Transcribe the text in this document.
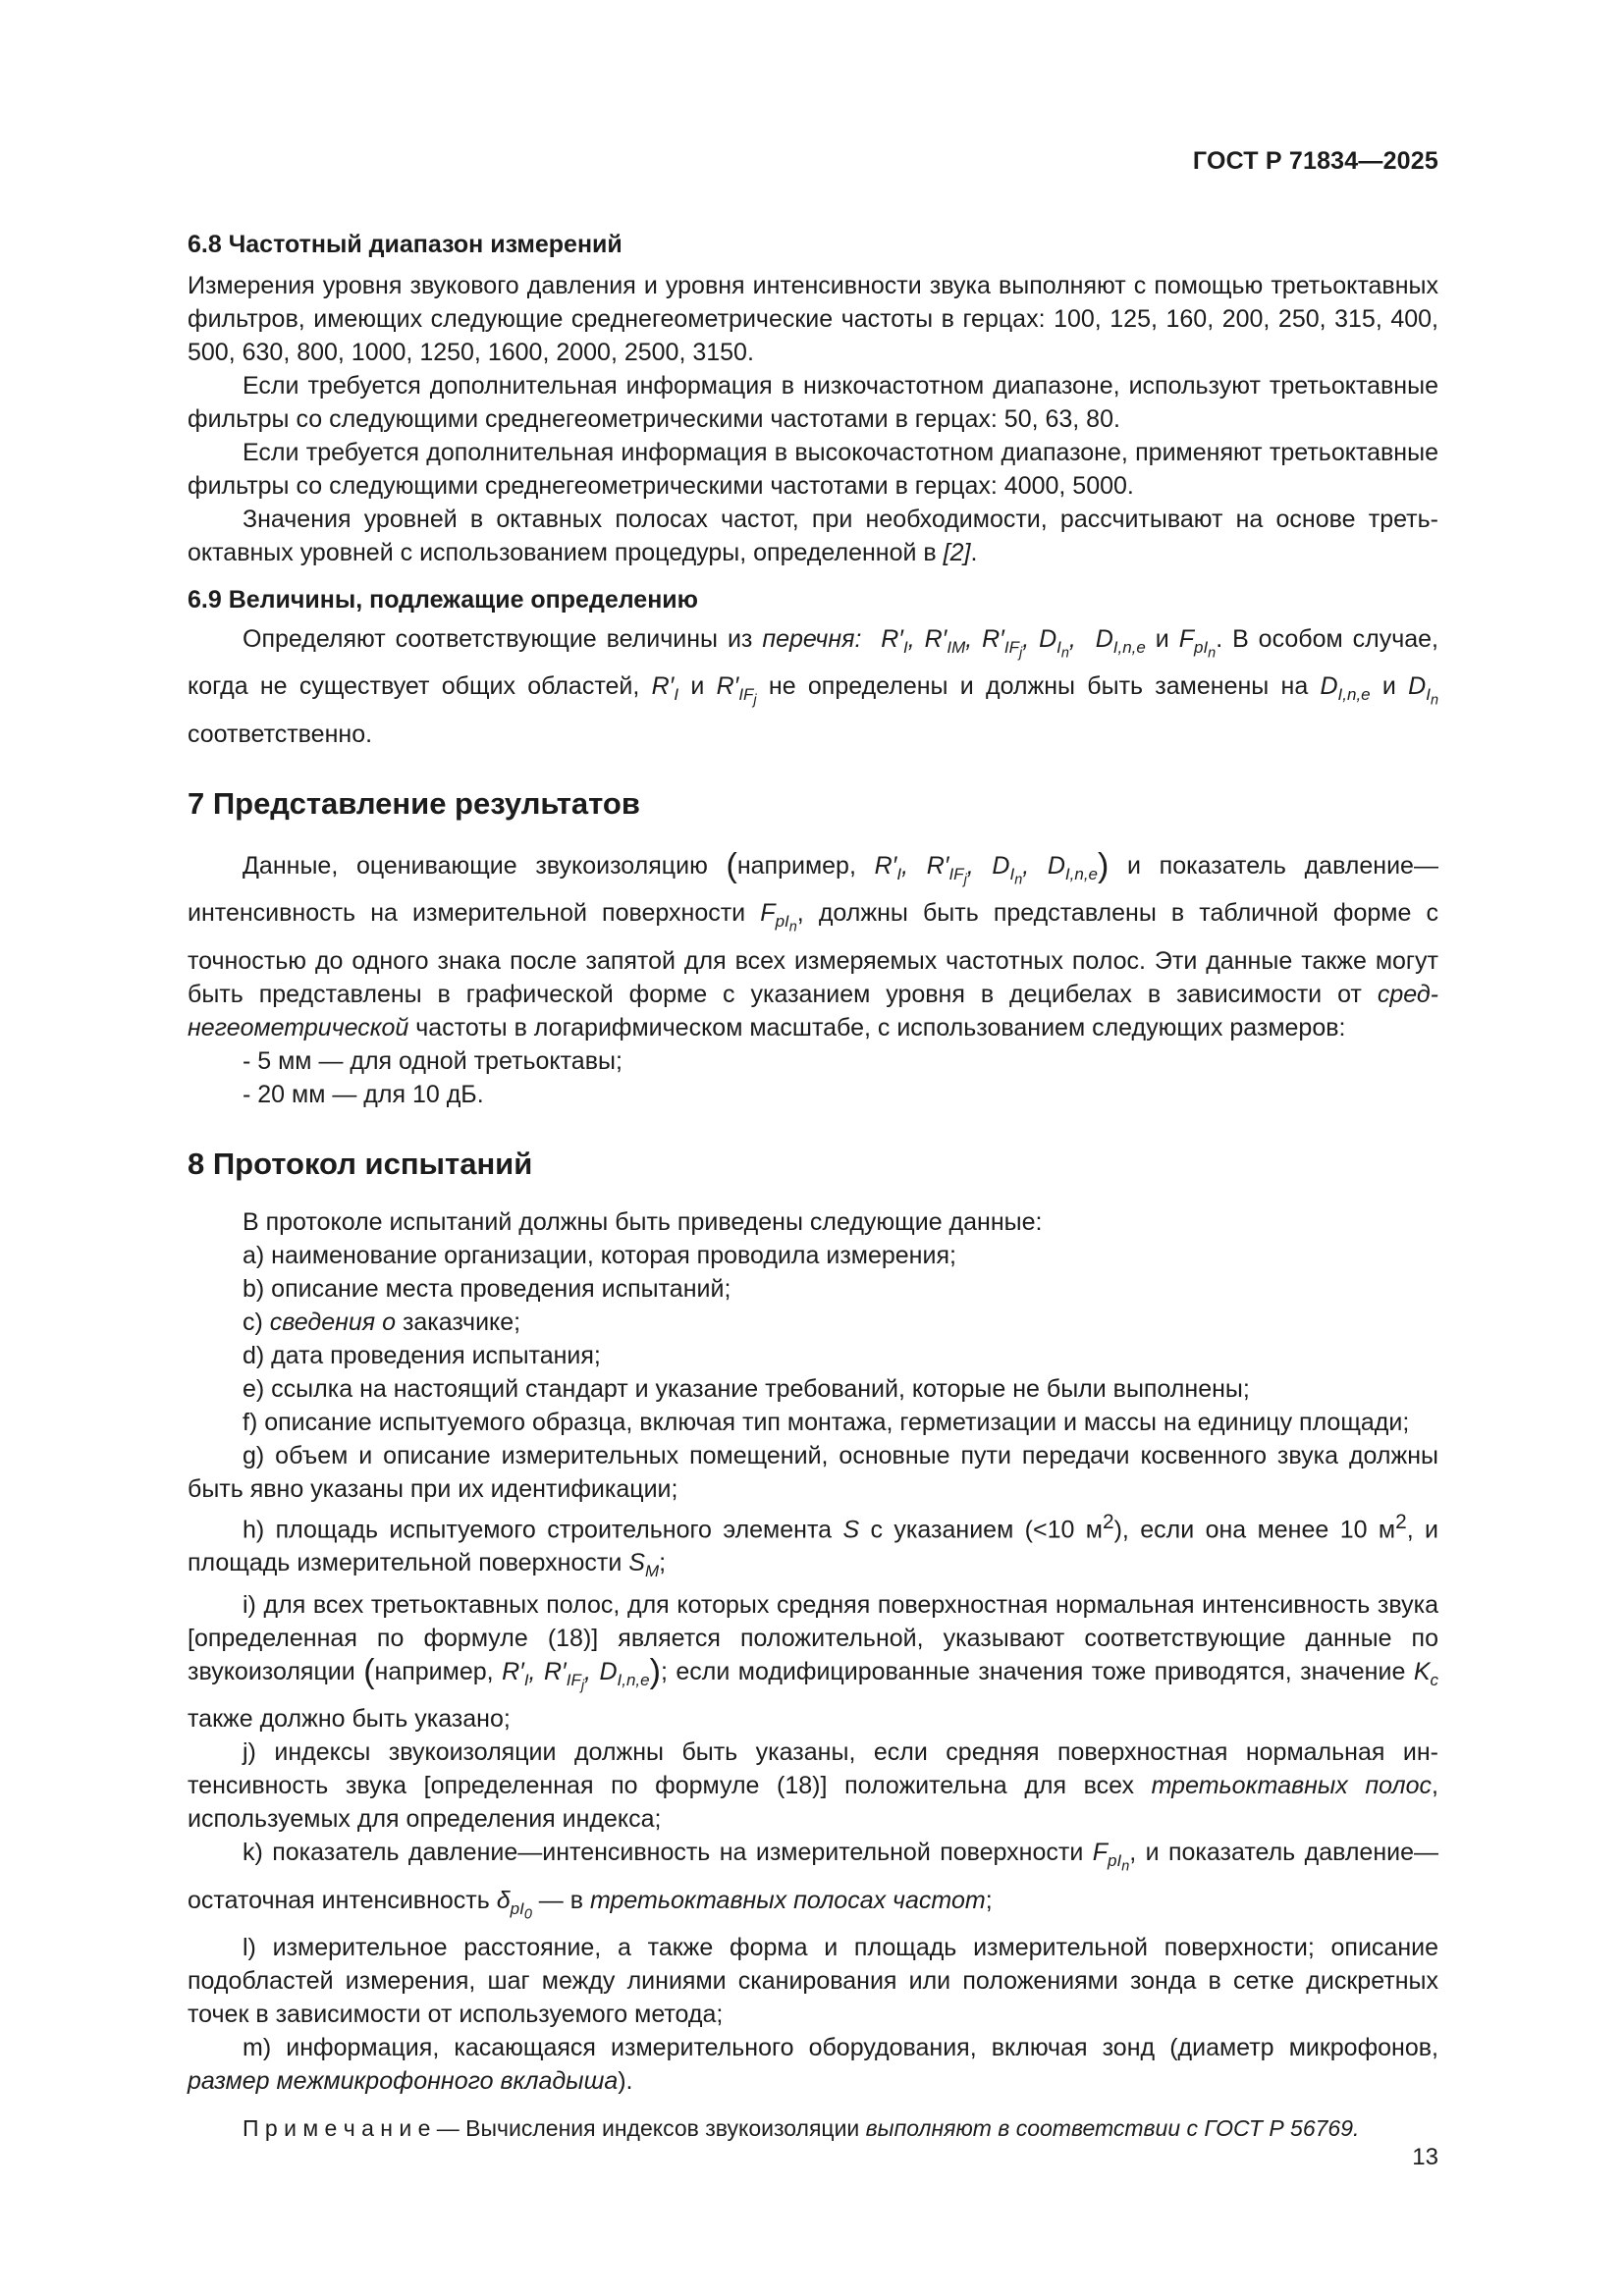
ГОСТ Р 71834—2025

6.8 Частотный диапазон измерений

Измерения уровня звукового давления и уровня интенсивности звука выполняют с помощью третьоктавных фильтров, имеющих следующие среднегеометрические частоты в герцах: 100, 125, 160, 200, 250, 315, 400, 500, 630, 800, 1000, 1250, 1600, 2000, 2500, 3150.

Если требуется дополнительная информация в низкочастотном диапазоне, используют третьоктавные фильтры со следующими среднегеометрическими частотами в герцах: 50, 63, 80.

Если требуется дополнительная информация в высокочастотном диапазоне, применяют третьоктавные фильтры со следующими среднегеометрическими частотами в герцах: 4000, 5000.

Значения уровней в октавных полосах частот, при необходимости, рассчитывают на основе третьоктавных уровней с использованием процедуры, определенной в [2].

6.9 Величины, подлежащие определению

Определяют соответствующие величины из перечня:  $R'_I$, $R'_{IM}$, $R'_{IF_j}$, $D_{I_n}$,  $D_{I,n,e}$ и $F_{pI_n}$. В особом случае, когда не существует общих областей, $R'_I$ и $R'_{IF_j}$ не определены и должны быть заменены на $D_{I,n,e}$ и $D_{I_n}$ соответственно.

7 Представление результатов

Данные, оценивающие звукоизоляцию (например, $R'_I$, $R'_{IF_j}$, $D_{I_n}$, $D_{I,n,e}$) и показатель давление—интенсивность на измерительной поверхности $F_{pI_n}$, должны быть представлены в табличной форме с точностью до одного знака после запятой для всех измеряемых частотных полос. Эти данные также могут быть представлены в графической форме с указанием уровня в децибелах в зависимости от среднегеометрической частоты в логарифмическом масштабе, с использованием следующих размеров:

- 5 мм — для одной третьоктавы;

- 20 мм — для 10 дБ.

8 Протокол испытаний

В протоколе испытаний должны быть приведены следующие данные:

а) наименование организации, которая проводила измерения;

b) описание места проведения испытаний;

c) сведения о заказчике;

d) дата проведения испытания;

e) ссылка на настоящий стандарт и указание требований, которые не были выполнены;

f) описание испытуемого образца, включая тип монтажа, герметизации и массы на единицу площади;

g) объем и описание измерительных помещений, основные пути передачи косвенного звука должны быть явно указаны при их идентификации;

h) площадь испытуемого строительного элемента S с указанием (<10 $м^2$), если она менее 10 $м^2$, и площадь измерительной поверхности $S_M$;

i) для всех третьоктавных полос, для которых средняя поверхностная нормальная интенсивность звука [определенная по формуле (18)] является положительной, указывают соответствующие данные по звукоизоляции (например, $R'_I$, $R'_{IF_j}$, $D_{I,n,e}$); если модифицированные значения тоже приводятся, значение $K_c$ также должно быть указано;

j) индексы звукоизоляции должны быть указаны, если средняя поверхностная нормальная интенсивность звука [определенная по формуле (18)] положительна для всех третьоктавных полос, используемых для определения индекса;

k) показатель давление—интенсивность на измерительной поверхности $F_{pI_n}$, и показатель давление—остаточная интенсивность $\delta_{pI_0}$ — в третьоктавных полосах частот;

l) измерительное расстояние, а также форма и площадь измерительной поверхности; описание подобластей измерения, шаг между линиями сканирования или положениями зонда в сетке дискретных точек в зависимости от используемого метода;

m) информация, касающаяся измерительного оборудования, включая зонд (диаметр микрофонов, размер межмикрофонного вкладыша).

П р и м е ч а н и е — Вычисления индексов звукоизоляции выполняют в соответствии с ГОСТ Р 56769.

13
